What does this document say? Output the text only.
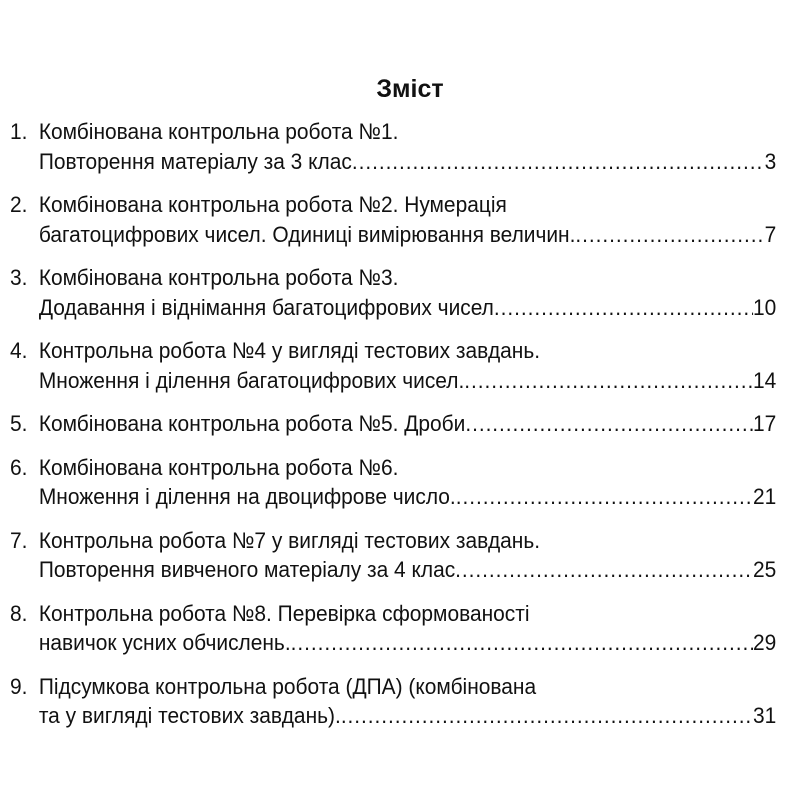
Зміст
1. Комбінована контрольна робота №1.
Повторення матеріалу за 3 клас .....	3
2. Комбінована контрольна робота №2. Нумерація
багатоцифрових чисел. Одиниці вимірювання величин. .....	7
3. Комбінована контрольна робота №3.
Додавання і віднімання багатоцифрових чисел .....	10
4. Контрольна робота №4 у вигляді тестових завдань.
Множення і ділення багатоцифрових чисел. .....	14
5. Комбінована контрольна робота №5. Дроби .....	17
6. Комбінована контрольна робота №6.
Множення і ділення на двоцифрове число. .....	21
7. Контрольна робота №7 у вигляді тестових завдань.
Повторення вивченого матеріалу за 4 клас .....	25
8. Контрольна робота №8. Перевірка сформованості
навичок усних обчислень. .....	29
9. Підсумкова контрольна робота (ДПА) (комбінована
та у вигляді тестових завдань). .....	31
